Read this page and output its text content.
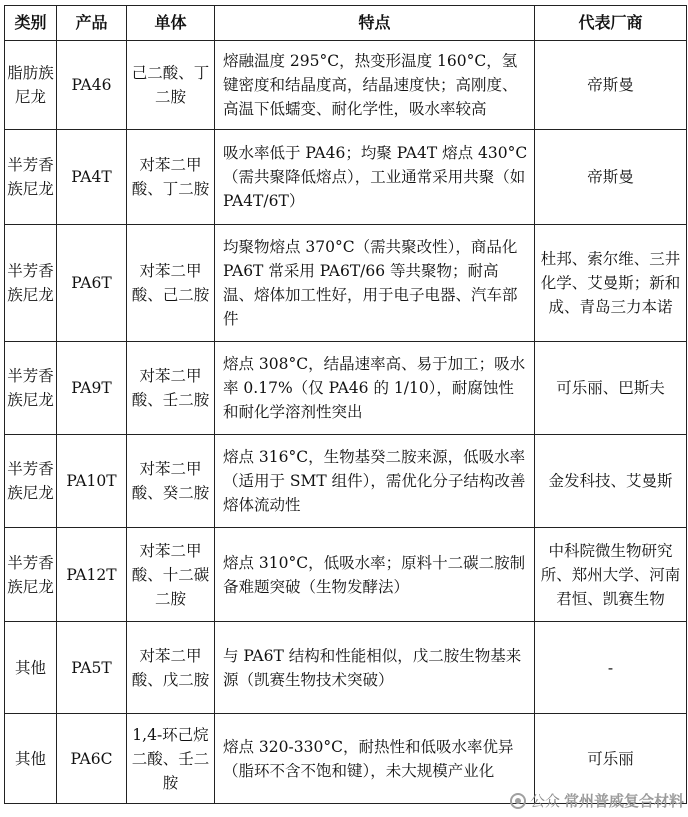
类别	产品	单体	特点	代表厂商
脂肪族尼龙	PA46	己二酸、丁二胺	熔融温度 295°C，热变形温度 160°C，氢键密度和结晶度高，结晶速度快；高刚度、高温下低蠕变、耐化学性，吸水率较高	帝斯曼
半芳香族尼龙	PA4T	对苯二甲酸、丁二胺	吸水率低于 PA46；均聚 PA4T 熔点 430°C（需共聚降低熔点），工业通常采用共聚（如 PA4T/6T）	帝斯曼
半芳香族尼龙	PA6T	对苯二甲酸、己二胺	均聚物熔点 370°C（需共聚改性），商品化 PA6T 常采用 PA6T/66 等共聚物；耐高温、熔体加工性好，用于电子电器、汽车部件	杜邦、索尔维、三井化学、艾曼斯；新和成、青岛三力本诺
半芳香族尼龙	PA9T	对苯二甲酸、壬二胺	熔点 308°C，结晶速率高、易于加工；吸水率 0.17%（仅 PA46 的 1/10），耐腐蚀性和耐化学溶剂性突出	可乐丽、巴斯夫
半芳香族尼龙	PA10T	对苯二甲酸、癸二胺	熔点 316°C，生物基癸二胺来源，低吸水率（适用于 SMT 组件），需优化分子结构改善熔体流动性	金发科技、艾曼斯
半芳香族尼龙	PA12T	对苯二甲酸、十二碳二胺	熔点 310°C，低吸水率；原料十二碳二胺制备难题突破（生物发酵法）	中科院微生物研究所、郑州大学、河南君恒、凯赛生物
其他	PA5T	对苯二甲酸、戊二胺	与 PA6T 结构和性能相似，戊二胺生物基来源（凯赛生物技术突破）	-
其他	PA6C	1,4-环己烷二酸、壬二胺	熔点 320-330°C，耐热性和低吸水率优异（脂环不含不饱和键），未大规模产业化	可乐丽
公众 常州普威复合材料
